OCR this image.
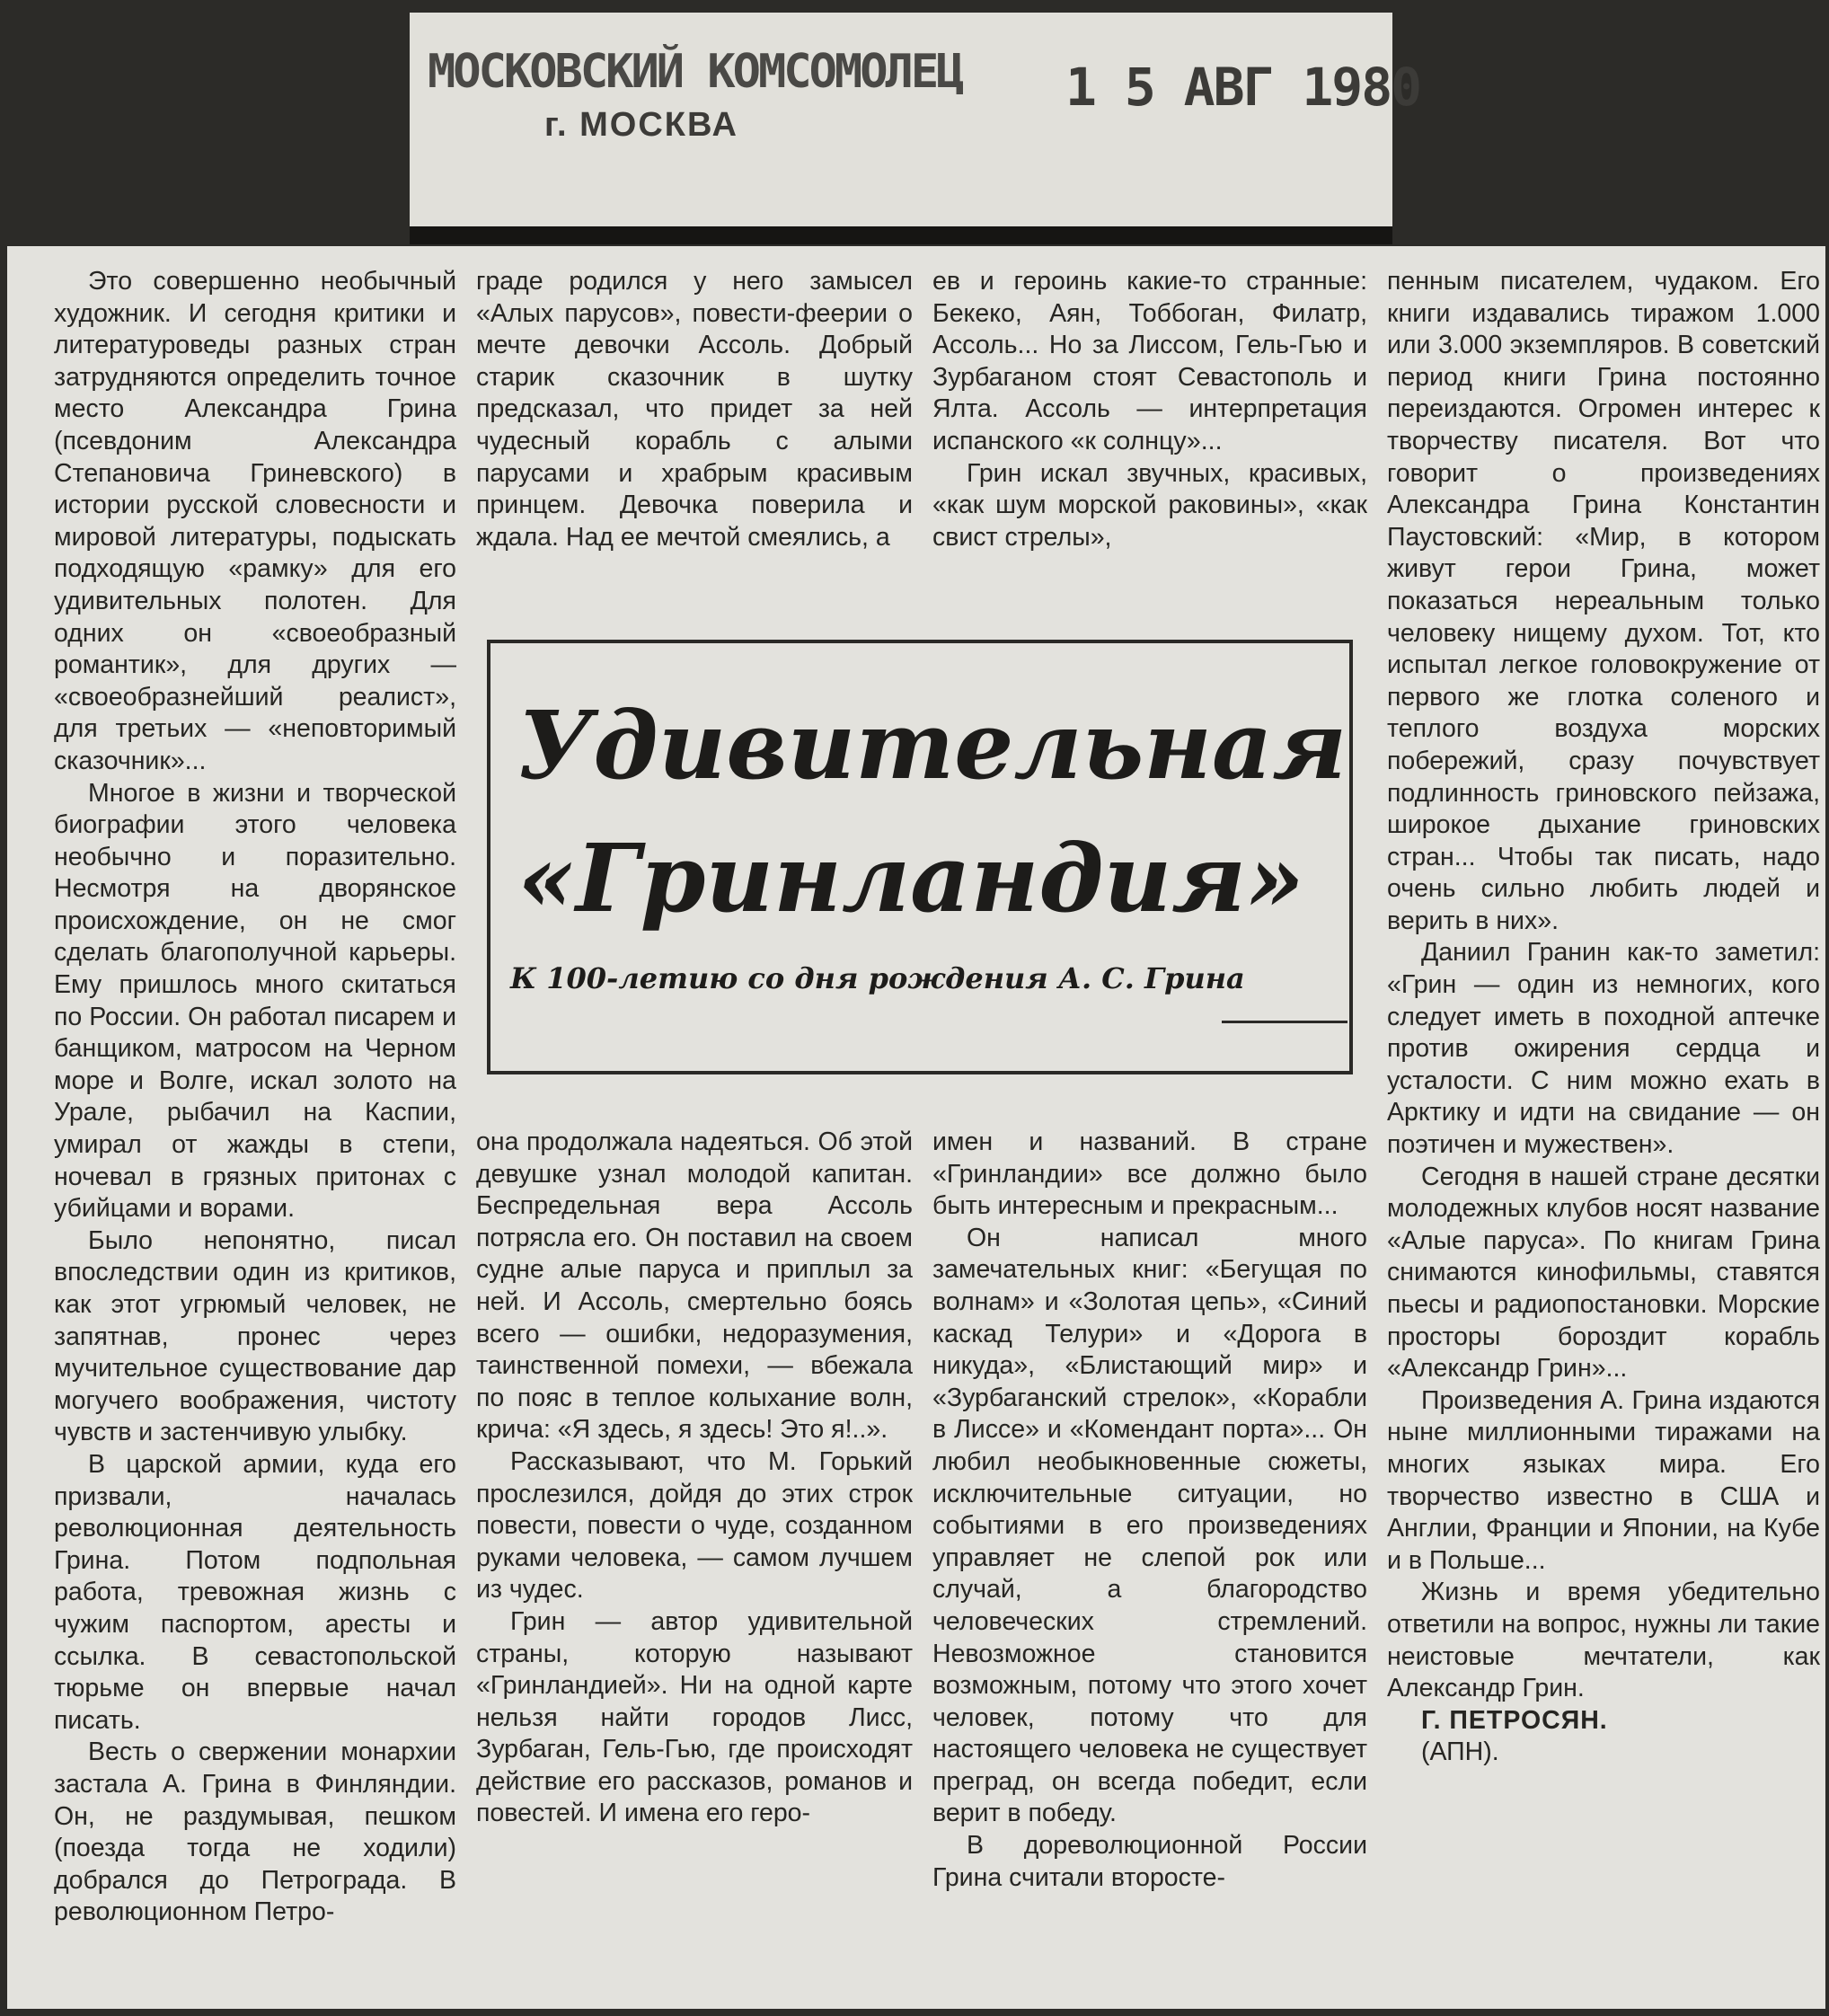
МОСКОВСКИЙ КОМСОМОЛЕЦ
г. МОСКВА
1 5 АВГ 1980

Это совершенно необычный художник. И сегодня критики и литературоведы разных стран затрудняются определить точное место Александра Грина (псевдоним Александра Степановича Гриневского) в истории русской словесности и мировой литературы, подыскать подходящую «рамку» для его удивительных полотен. Для одних он «своеобразный романтик», для других — «своеобразнейший реалист», для третьих — «неповторимый сказочник»...

Многое в жизни и творческой биографии этого человека необычно и поразительно. Несмотря на дворянское происхождение, он не смог сделать благополучной карьеры. Ему пришлось много скитаться по России. Он работал писарем и банщиком, матросом на Черном море и Волге, искал золото на Урале, рыбачил на Каспии, умирал от жажды в степи, ночевал в грязных притонах с убийцами и ворами.

Было непонятно, писал впоследствии один из критиков, как этот угрюмый человек, не запятнав, пронес через мучительное существование дар могучего воображения, чистоту чувств и застенчивую улыбку.

В царской армии, куда его призвали, началась революционная деятельность Грина. Потом подпольная работа, тревожная жизнь с чужим паспортом, аресты и ссылка. В севастопольской тюрьме он впервые начал писать.

Весть о свержении монархии застала А. Грина в Финляндии. Он, не раздумывая, пешком (поезда тогда не ходили) добрался до Петрограда. В революционном Петро-

граде родился у него замысел «Алых парусов», повести-феерии о мечте девочки Ассоль. Добрый старик сказочник в шутку предсказал, что придет за ней чудесный корабль с алыми парусами и храбрым красивым принцем. Девочка поверила и ждала. Над ее мечтой смеялись, а

ев и героинь какие-то странные: Бекеко, Аян, Тоббоган, Филатр, Ассоль... Но за Лиссом, Гель-Гью и Зурбаганом стоят Севастополь и Ялта. Ассоль — интерпретация испанского «к солнцу»...

Грин искал звучных, красивых, «как шум морской раковины», «как свист стрелы»,

Удивительная
«Гринландия»

К 100-летию со дня рождения А. С. Грина

она продолжала надеяться. Об этой девушке узнал молодой капитан. Беспредельная вера Ассоль потрясла его. Он поставил на своем судне алые паруса и приплыл за ней. И Ассоль, смертельно боясь всего — ошибки, недоразумения, таинственной помехи, — вбежала по пояс в теплое колыхание волн, крича: «Я здесь, я здесь! Это я!..».

Рассказывают, что М. Горький прослезился, дойдя до этих строк повести, повести о чуде, созданном руками человека, — самом лучшем из чудес.

Грин — автор удивительной страны, которую называют «Гринландией». Ни на одной карте нельзя найти городов Лисс, Зурбаган, Гель-Гью, где происходят действие его рассказов, романов и повестей. И имена его геро-

имен и названий. В стране «Гринландии» все должно было быть интересным и прекрасным...

Он написал много замечательных книг: «Бегущая по волнам» и «Золотая цепь», «Синий каскад Телури» и «Дорога в никуда», «Блистающий мир» и «Зурбаганский стрелок», «Корабли в Лиссе» и «Комендант порта»... Он любил необыкновенные сюжеты, исключительные ситуации, но событиями в его произведениях управляет не слепой рок или случай, а благородство человеческих стремлений. Невозможное становится возможным, потому что этого хочет человек, потому что для настоящего человека не существует преград, он всегда победит, если верит в победу.

В дореволюционной России Грина считали второсте-

пенным писателем, чудаком. Его книги издавались тиражом 1.000 или 3.000 экземпляров. В советский период книги Грина постоянно переиздаются. Огромен интерес к творчеству писателя. Вот что говорит о произведениях Александра Грина Константин Паустовский: «Мир, в котором живут герои Грина, может показаться нереальным только человеку нищему духом. Тот, кто испытал легкое головокружение от первого же глотка соленого и теплого воздуха морских побережий, сразу почувствует подлинность гриновского пейзажа, широкое дыхание гриновских стран... Чтобы так писать, надо очень сильно любить людей и верить в них».

Даниил Гранин как-то заметил: «Грин — один из немногих, кого следует иметь в походной аптечке против ожирения сердца и усталости. С ним можно ехать в Арктику и идти на свидание — он поэтичен и мужествен».

Сегодня в нашей стране десятки молодежных клубов носят название «Алые паруса». По книгам Грина снимаются кинофильмы, ставятся пьесы и радиопостановки. Морские просторы бороздит корабль «Александр Грин»...

Произведения А. Грина издаются ныне миллионными тиражами на многих языках мира. Его творчество известно в США и Англии, Франции и Японии, на Кубе и в Польше...

Жизнь и время убедительно ответили на вопрос, нужны ли такие неистовые мечтатели, как Александр Грин.

Г. ПЕТРОСЯН.

(АПН).
